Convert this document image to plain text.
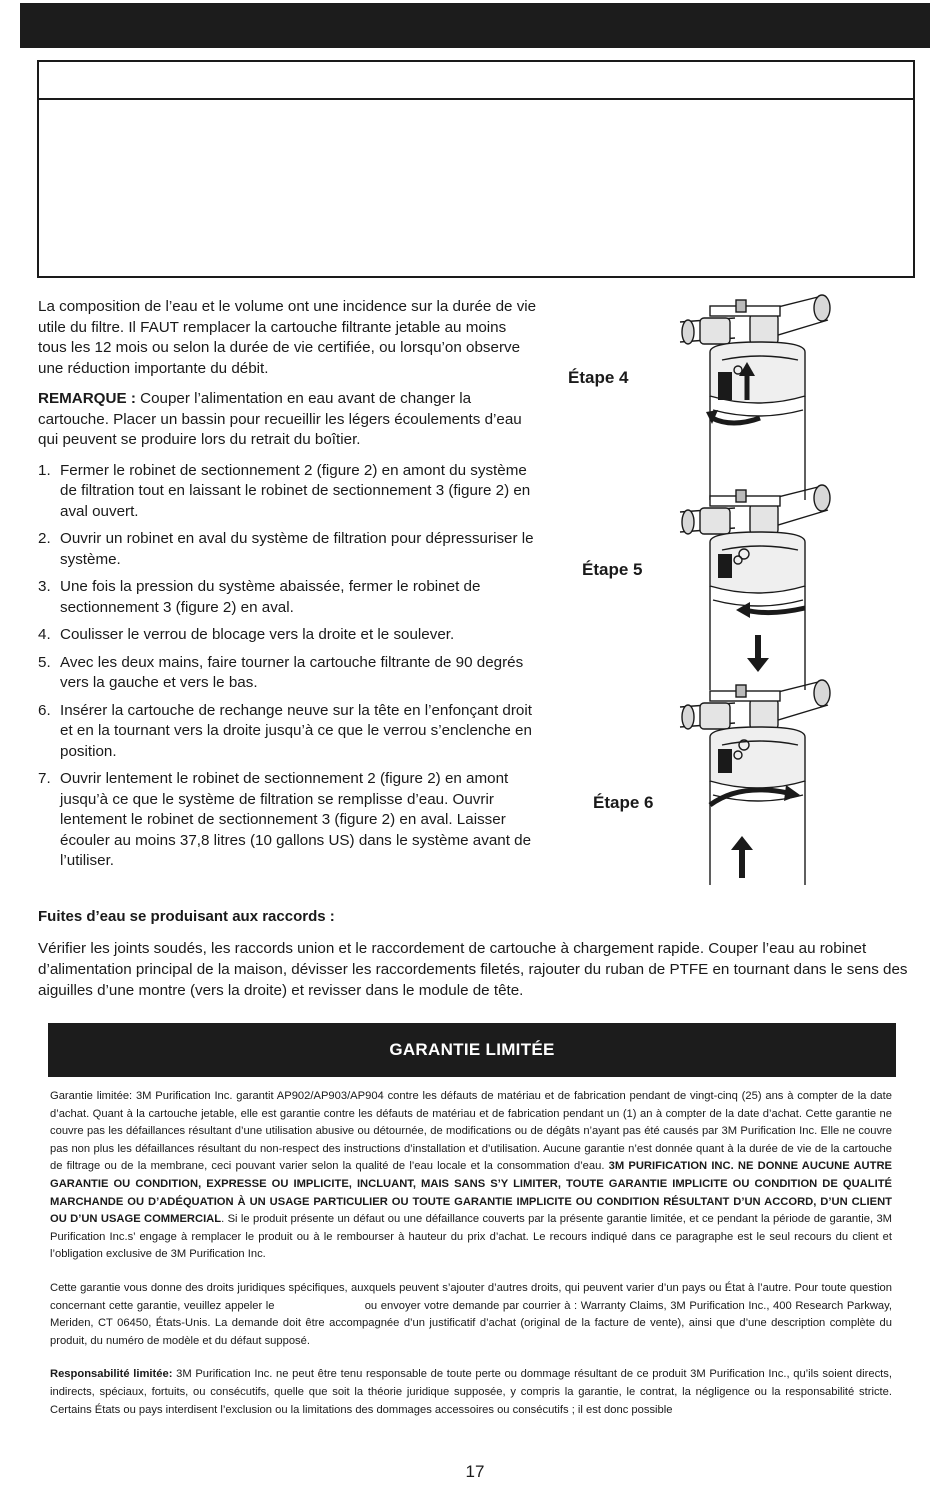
La composition de l’eau et le volume ont une incidence sur la durée de vie utile du filtre. Il FAUT remplacer la cartouche filtrante jetable au moins tous les 12 mois ou selon la durée de vie certifiée, ou lorsqu’on observe une réduction importante du débit.

REMARQUE : Couper l’alimentation en eau avant de changer la cartouche. Placer un bassin pour recueillir les légers écoulements d’eau qui peuvent se produire lors du retrait du boîtier.

1. Fermer le robinet de sectionnement 2 (figure 2) en amont du système de filtration tout en laissant le robinet de sectionnement 3 (figure 2) en aval ouvert.
2. Ouvrir un robinet en aval du système de filtration pour dépressuriser le système.
3. Une fois la pression du système abaissée, fermer le robinet de sectionnement 3 (figure 2) en aval.
4. Coulisser le verrou de blocage vers la droite et le soulever.
5. Avec les deux mains, faire tourner la cartouche filtrante de 90 degrés vers la gauche et vers le bas.
6. Insérer la cartouche de rechange neuve sur la tête en l’enfonçant droit et en la tournant vers la droite jusqu’à ce que le verrou s’enclenche en position.
7. Ouvrir lentement le robinet de sectionnement 2 (figure 2) en amont jusqu’à ce que le système de filtration se remplisse d’eau. Ouvrir lentement le robinet de sectionnement 3 (figure 2) en aval. Laisser écouler au moins 37,8 litres (10 gallons US) dans le système avant de l’utiliser.
Étape 4
Étape 5
Étape 6
Fuites d’eau se produisant aux raccords :
Vérifier les joints soudés, les raccords union et le raccordement de cartouche à chargement rapide. Couper l’eau au robinet d’alimentation principal de la maison, dévisser les raccordements filetés, rajouter du ruban de PTFE en tournant dans le sens des aiguilles d’une montre (vers la droite) et revisser dans le module de tête.
GARANTIE LIMITÉE

Garantie limitée: 3M Purification Inc. garantit AP902/AP903/AP904 contre les défauts de matériau et de fabrication pendant de vingt-cinq (25) ans à compter de la date d’achat. Quant à la cartouche jetable, elle est garantie contre les défauts de matériau et de fabrication pendant un (1) an à compter de la date d’achat. Cette garantie ne couvre pas les défaillances résultant d’une utilisation abusive ou détournée, de modifications ou de dégâts n’ayant pas été causés par 3M Purification Inc. Elle ne couvre pas non plus les défaillances résultant du non-respect des instructions d’installation et d’utilisation. Aucune garantie n’est donnée quant à la durée de vie de la cartouche de filtrage ou de la membrane, ceci pouvant varier selon la qualité de l’eau locale et la consommation d’eau. 3M PURIFICATION INC. NE DONNE AUCUNE AUTRE GARANTIE OU CONDITION, EXPRESSE OU IMPLICITE, INCLUANT, MAIS SANS S’Y LIMITER, TOUTE GARANTIE IMPLICITE OU CONDITION DE QUALITÉ MARCHANDE OU D’ADÉQUATION À UN USAGE PARTICULIER OU TOUTE GARANTIE IMPLICITE OU CONDITION RÉSULTANT D’UN ACCORD, D’UN CLIENT OU D’UN USAGE COMMERCIAL. Si le produit présente un défaut ou une défaillance couverts par la présente garantie limitée, et ce pendant la période de garantie, 3M Purification Inc.s’ engage à remplacer le produit ou à le rembourser à hauteur du prix d’achat. Le recours indiqué dans ce paragraphe est le seul recours du client et l’obligation exclusive de 3M Purification Inc.

Cette garantie vous donne des droits juridiques spécifiques, auxquels peuvent s’ajouter d’autres droits, qui peuvent varier d’un pays ou État à l’autre. Pour toute question concernant cette garantie, veuillez appeler le                         ou envoyer votre demande par courrier à : Warranty Claims, 3M Purification Inc., 400 Research Parkway, Meriden, CT 06450, États-Unis. La demande doit être accompagnée d’un justificatif d’achat (original de la facture de vente), ainsi que d’une description complète du produit, du numéro de modèle et du défaut supposé.

Responsabilité limitée: 3M Purification Inc. ne peut être tenu responsable de toute perte ou dommage résultant de ce produit 3M Purification Inc., qu’ils soient directs, indirects, spéciaux, fortuits, ou consécutifs, quelle que soit la théorie juridique supposée, y compris la garantie, le contrat, la négligence ou la responsabilité stricte. Certains États ou pays interdisent l’exclusion ou la limitations des dommages accessoires ou consécutifs ; il est donc possible

17
